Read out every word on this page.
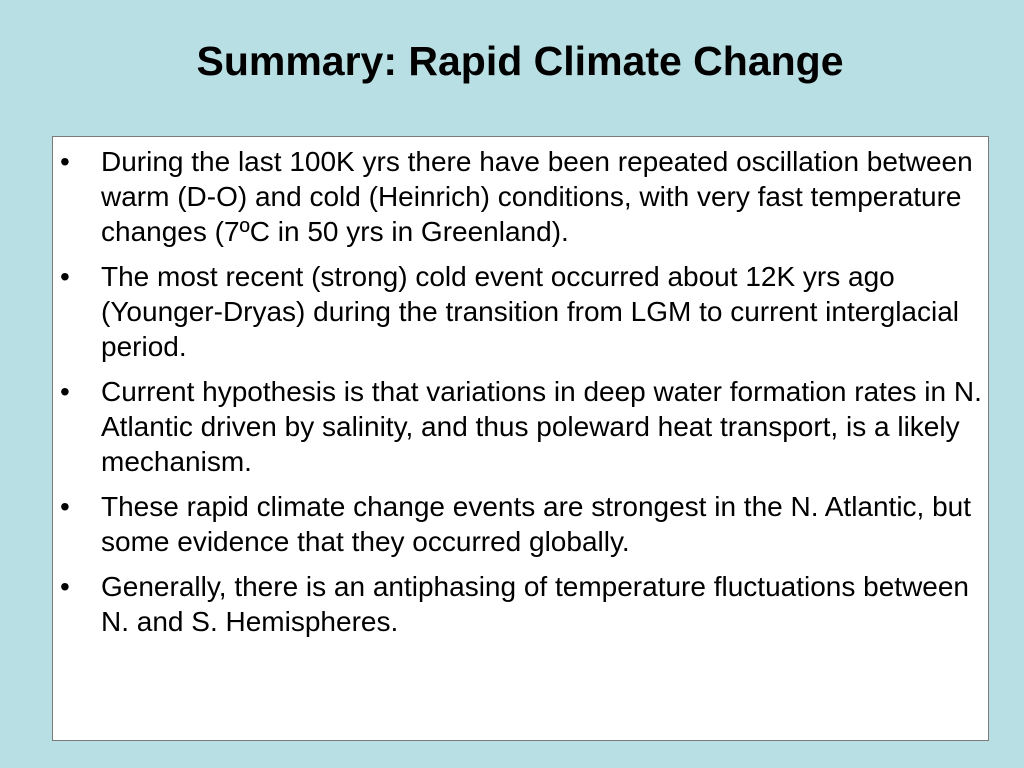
Summary: Rapid Climate Change
•	During the last 100K yrs there have been repeated oscillation between warm (D-O) and cold (Heinrich) conditions, with very fast temperature changes (7ºC in 50 yrs in Greenland).
•	The most recent (strong) cold event occurred about 12K yrs ago (Younger-Dryas) during the transition from LGM to current interglacial period.
•	Current hypothesis is that variations in deep water formation rates in N. Atlantic driven by salinity, and thus poleward heat transport, is a likely mechanism.
•	These rapid climate change events are strongest in the N. Atlantic, but some evidence that they occurred globally.
•	Generally, there is an antiphasing of temperature fluctuations between N. and S. Hemispheres.
